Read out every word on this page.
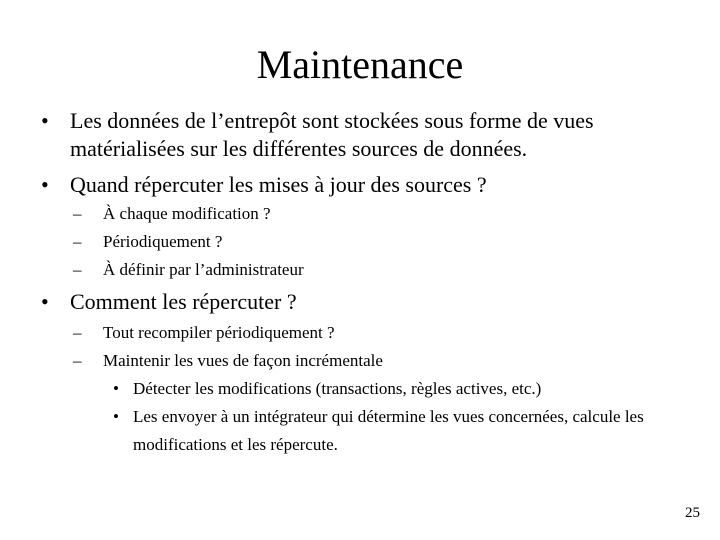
Maintenance
• Les données de l’entrepôt sont stockées sous forme de vues matérialisées sur les différentes sources de données.
• Quand répercuter les mises à jour des sources ?
– À chaque modification ?
– Périodiquement ?
– À définir par l’administrateur
• Comment les répercuter ?
– Tout recompiler périodiquement ?
– Maintenir les vues de façon incrémentale
• Détecter les modifications (transactions, règles actives, etc.)
• Les envoyer à un intégrateur qui détermine les vues concernées, calcule les modifications et les répercute.
25
